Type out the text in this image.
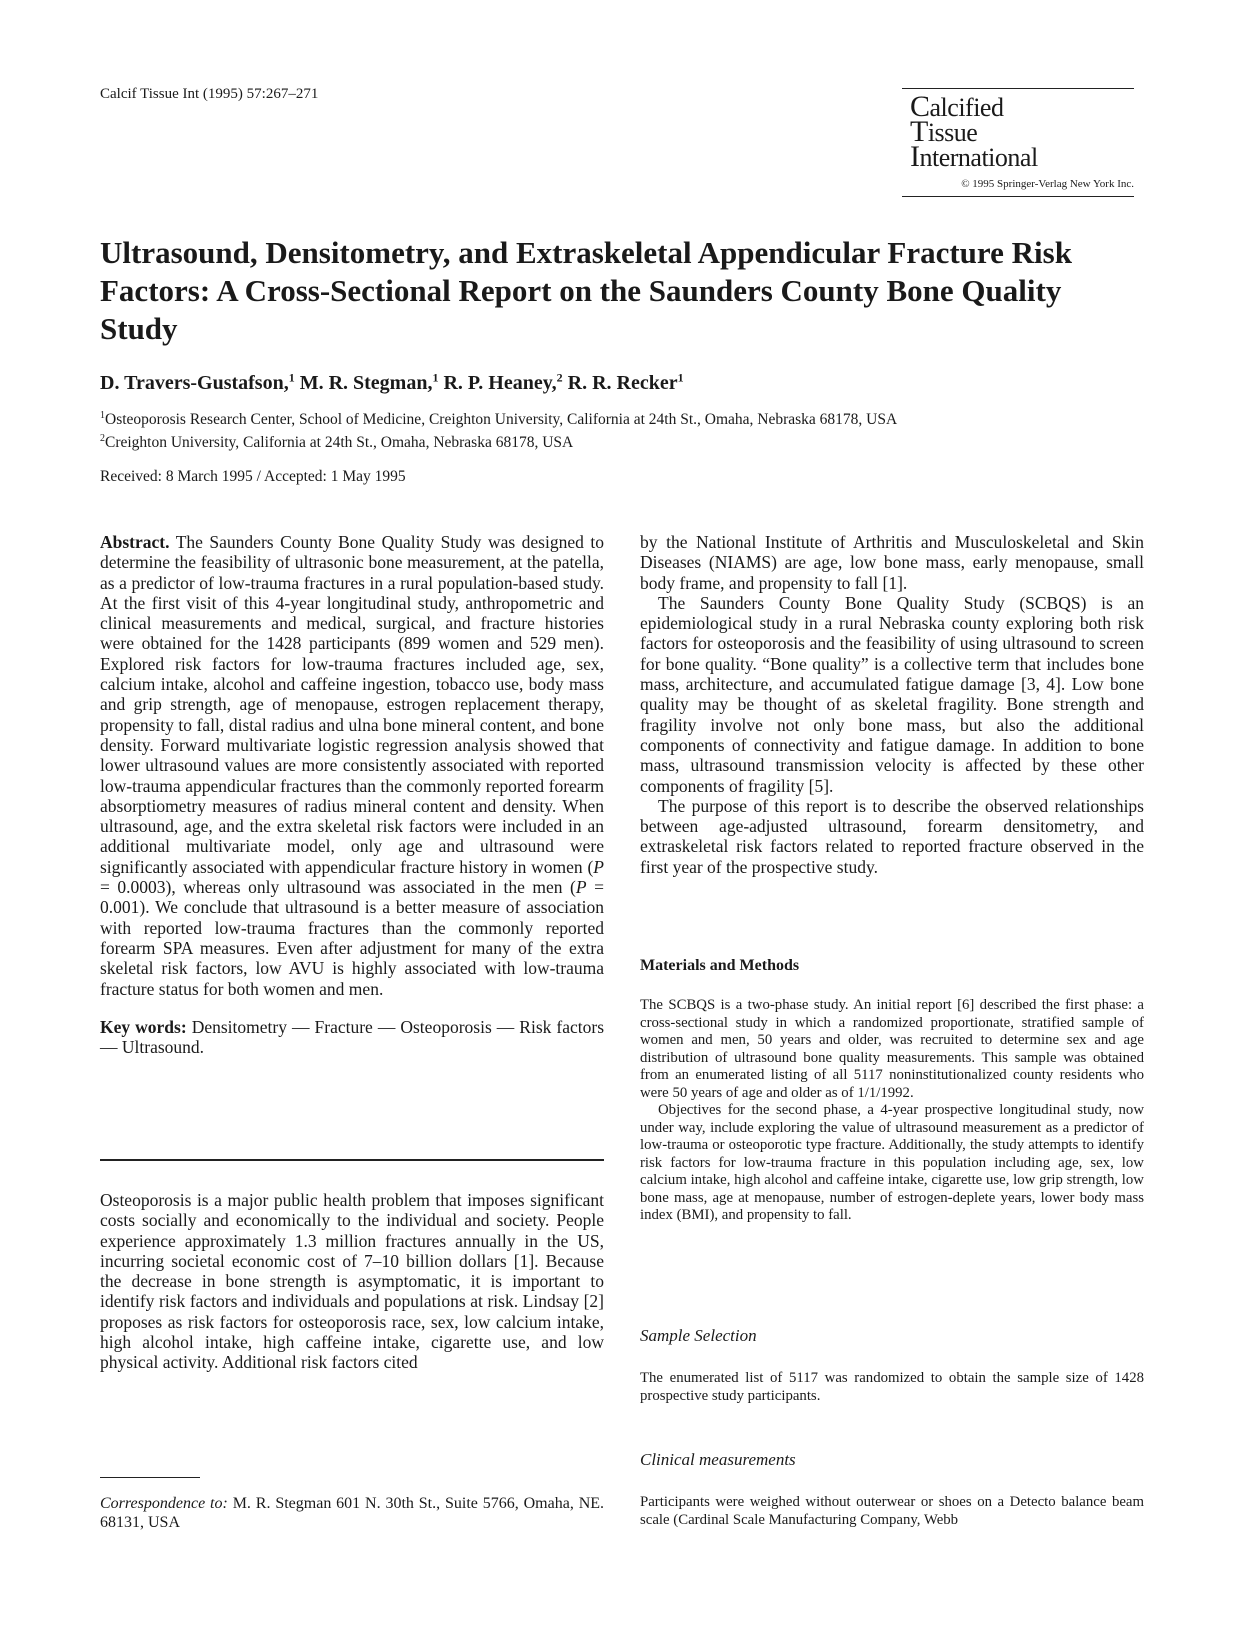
Calcif Tissue Int (1995) 57:267–271	Calcified
Tissue
International
© 1995 Springer-Verlag New York Inc.
Ultrasound, Densitometry, and Extraskeletal Appendicular Fracture Risk Factors: A Cross-Sectional Report on the Saunders County Bone Quality Study
D. Travers-Gustafson,$^1$ M. R. Stegman,$^1$ R. P. Heaney,$^2$ R. R. Recker$^1$
$^1$Osteoporosis Research Center, School of Medicine, Creighton University, California at 24th St., Omaha, Nebraska 68178, USA
$^2$Creighton University, California at 24th St., Omaha, Nebraska 68178, USA
Received: 8 March 1995 / Accepted: 1 May 1995

Abstract. The Saunders County Bone Quality Study was designed to determine the feasibility of ultrasonic bone measurement, at the patella, as a predictor of low-trauma fractures in a rural population-based study. At the first visit of this 4-year longitudinal study, anthropometric and clinical measurements and medical, surgical, and fracture histories were obtained for the 1428 participants (899 women and 529 men). Explored risk factors for low-trauma fractures included age, sex, calcium intake, alcohol and caffeine ingestion, tobacco use, body mass and grip strength, age of menopause, estrogen replacement therapy, propensity to fall, distal radius and ulna bone mineral content, and bone density. Forward multivariate logistic regression analysis showed that lower ultrasound values are more consistently associated with reported low-trauma appendicular fractures than the commonly reported forearm absorptiometry measures of radius mineral content and density. When ultrasound, age, and the extra skeletal risk factors were included in an additional multivariate model, only age and ultrasound were significantly associated with appendicular fracture history in women (P = 0.0003), whereas only ultrasound was associated in the men (P = 0.001). We conclude that ultrasound is a better measure of association with reported low-trauma fractures than the commonly reported forearm SPA measures. Even after adjustment for many of the extra skeletal risk factors, low AVU is highly associated with low-trauma fracture status for both women and men.

Key words: Densitometry — Fracture — Osteoporosis — Risk factors — Ultrasound.

Osteoporosis is a major public health problem that imposes significant costs socially and economically to the individual and society. People experience approximately 1.3 million fractures annually in the US, incurring societal economic cost of 7–10 billion dollars [1]. Because the decrease in bone strength is asymptomatic, it is important to identify risk factors and individuals and populations at risk. Lindsay [2] proposes as risk factors for osteoporosis race, sex, low calcium intake, high alcohol intake, high caffeine intake, cigarette use, and low physical activity. Additional risk factors cited

Correspondence to: M. R. Stegman 601 N. 30th St., Suite 5766, Omaha, NE. 68131, USA

by the National Institute of Arthritis and Musculoskeletal and Skin Diseases (NIAMS) are age, low bone mass, early menopause, small body frame, and propensity to fall [1].

The Saunders County Bone Quality Study (SCBQS) is an epidemiological study in a rural Nebraska county exploring both risk factors for osteoporosis and the feasibility of using ultrasound to screen for bone quality. “Bone quality” is a collective term that includes bone mass, architecture, and accumulated fatigue damage [3, 4]. Low bone quality may be thought of as skeletal fragility. Bone strength and fragility involve not only bone mass, but also the additional components of connectivity and fatigue damage. In addition to bone mass, ultrasound transmission velocity is affected by these other components of fragility [5].

The purpose of this report is to describe the observed relationships between age-adjusted ultrasound, forearm densitometry, and extraskeletal risk factors related to reported fracture observed in the first year of the prospective study.

Materials and Methods

The SCBQS is a two-phase study. An initial report [6] described the first phase: a cross-sectional study in which a randomized proportionate, stratified sample of women and men, 50 years and older, was recruited to determine sex and age distribution of ultrasound bone quality measurements. This sample was obtained from an enumerated listing of all 5117 noninstitutionalized county residents who were 50 years of age and older as of 1/1/1992.

Objectives for the second phase, a 4-year prospective longitudinal study, now under way, include exploring the value of ultrasound measurement as a predictor of low-trauma or osteoporotic type fracture. Additionally, the study attempts to identify risk factors for low-trauma fracture in this population including age, sex, low calcium intake, high alcohol and caffeine intake, cigarette use, low grip strength, low bone mass, age at menopause, number of estrogen-deplete years, lower body mass index (BMI), and propensity to fall.

Sample Selection

The enumerated list of 5117 was randomized to obtain the sample size of 1428 prospective study participants.

Clinical measurements

Participants were weighed without outerwear or shoes on a Detecto balance beam scale (Cardinal Scale Manufacturing Company, Webb
